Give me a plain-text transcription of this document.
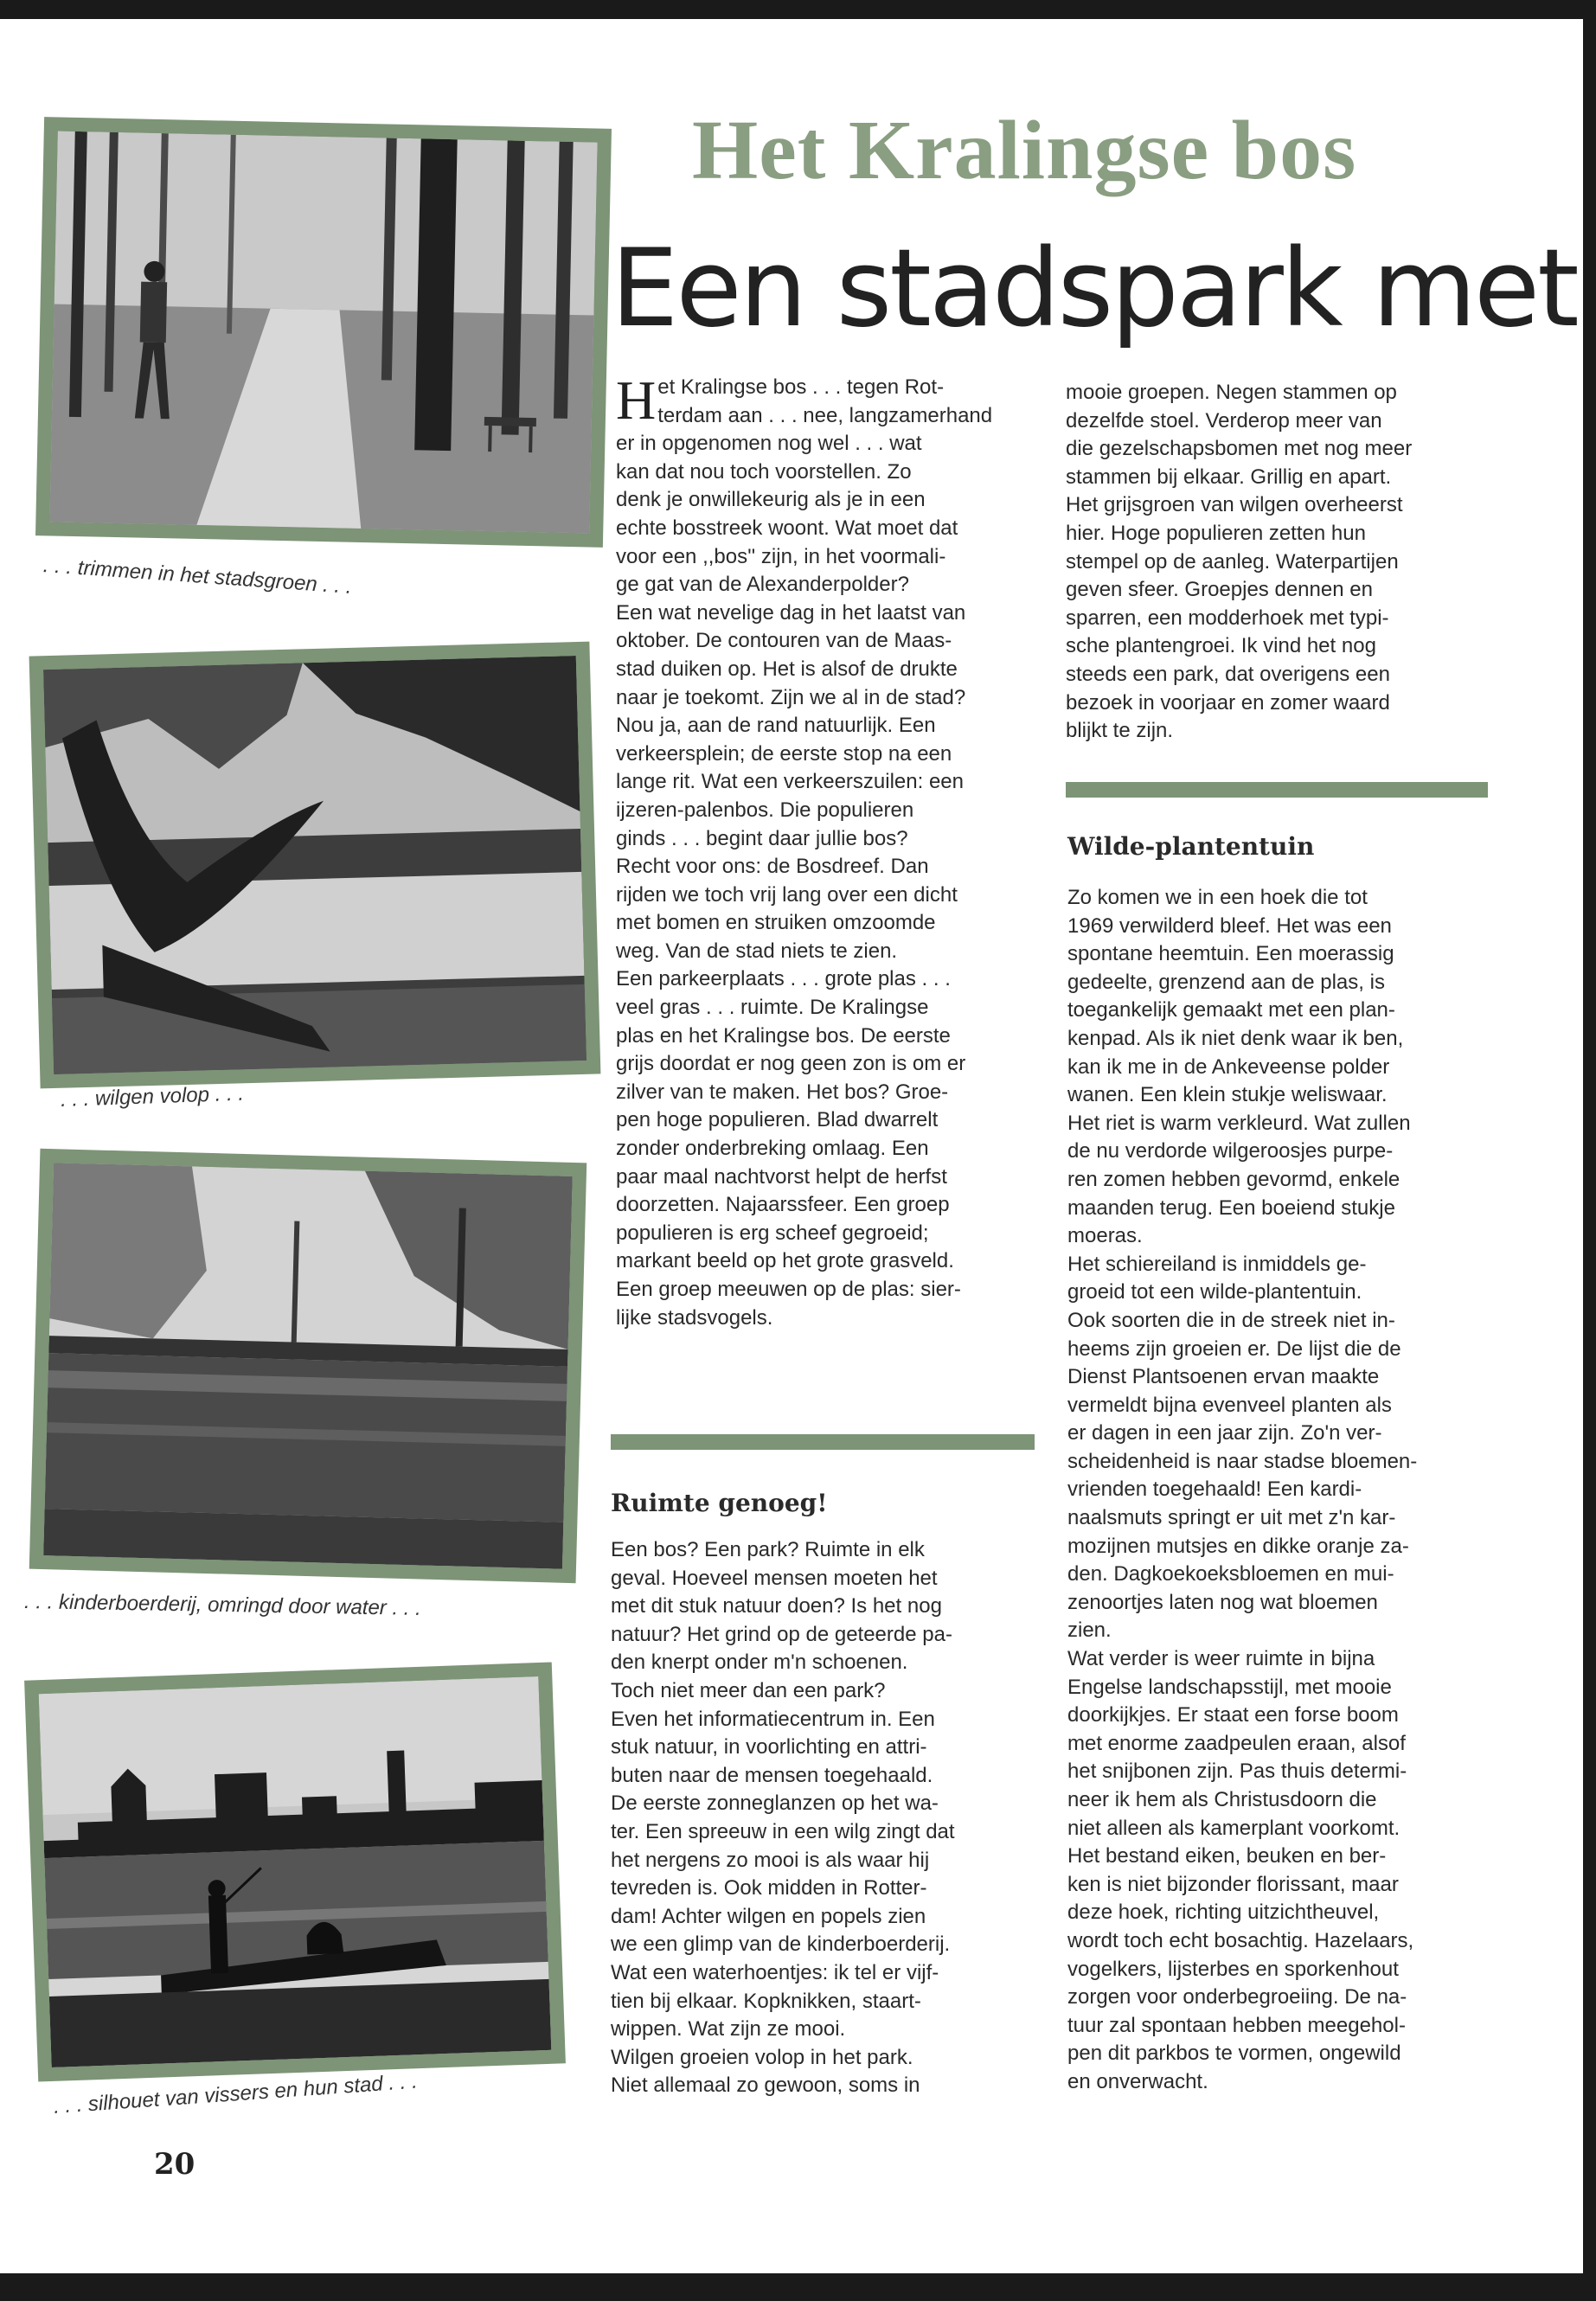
. . . trimmen in het stadsgroen . . .
. . . wilgen volop . . .
. . . kinderboerderij, omringd door water . . .
. . . silhouet van vissers en hun stad . . .
Het Kralingse bos
Een stadspark met
H et Kralingse bos . . . tegen Rot-
terdam aan . . . nee, langzamerhand
er in opgenomen nog wel . . . wat
kan dat nou toch voorstellen. Zo
denk je onwillekeurig als je in een
echte bosstreek woont. Wat moet dat
voor een ,,bos'' zijn, in het voormali-
ge gat van de Alexanderpolder?
Een wat nevelige dag in het laatst van
oktober. De contouren van de Maas-
stad duiken op. Het is alsof de drukte
naar je toekomt. Zijn we al in de stad?
Nou ja, aan de rand natuurlijk. Een
verkeersplein; de eerste stop na een
lange rit. Wat een verkeerszuilen: een
ijzeren-palenbos. Die populieren
ginds . . . begint daar jullie bos?
Recht voor ons: de Bosdreef. Dan
rijden we toch vrij lang over een dicht
met bomen en struiken omzoomde
weg. Van de stad niets te zien.
Een parkeerplaats . . . grote plas . . .
veel gras . . . ruimte. De Kralingse
plas en het Kralingse bos. De eerste
grijs doordat er nog geen zon is om er
zilver van te maken. Het bos? Groe-
pen hoge populieren. Blad dwarrelt
zonder onderbreking omlaag. Een
paar maal nachtvorst helpt de herfst
doorzetten. Najaarssfeer. Een groep
populieren is erg scheef gegroeid;
markant beeld op het grote grasveld.
Een groep meeuwen op de plas: sier-
lijke stadsvogels.

Ruimte genoeg!

Een bos? Een park? Ruimte in elk
geval. Hoeveel mensen moeten het
met dit stuk natuur doen? Is het nog
natuur? Het grind op de geteerde pa-
den knerpt onder m'n schoenen.
Toch niet meer dan een park?
Even het informatiecentrum in. Een
stuk natuur, in voorlichting en attri-
buten naar de mensen toegehaald.
De eerste zonneglanzen op het wa-
ter. Een spreeuw in een wilg zingt dat
het nergens zo mooi is als waar hij
tevreden is. Ook midden in Rotter-
dam! Achter wilgen en popels zien
we een glimp van de kinderboerderij.
Wat een waterhoentjes: ik tel er vijf-
tien bij elkaar. Kopknikken, staart-
wippen. Wat zijn ze mooi.
Wilgen groeien volop in het park.
Niet allemaal zo gewoon, soms in

mooie groepen. Negen stammen op
dezelfde stoel. Verderop meer van
die gezelschapsbomen met nog meer
stammen bij elkaar. Grillig en apart.
Het grijsgroen van wilgen overheerst
hier. Hoge populieren zetten hun
stempel op de aanleg. Waterpartijen
geven sfeer. Groepjes dennen en
sparren, een modderhoek met typi-
sche plantengroei. Ik vind het nog
steeds een park, dat overigens een
bezoek in voorjaar en zomer waard
blijkt te zijn.

Wilde-plantentuin

Zo komen we in een hoek die tot
1969 verwilderd bleef. Het was een
spontane heemtuin. Een moerassig
gedeelte, grenzend aan de plas, is
toegankelijk gemaakt met een plan-
kenpad. Als ik niet denk waar ik ben,
kan ik me in de Ankeveense polder
wanen. Een klein stukje weliswaar.
Het riet is warm verkleurd. Wat zullen
de nu verdorde wilgeroosjes purpe-
ren zomen hebben gevormd, enkele
maanden terug. Een boeiend stukje
moeras.
Het schiereiland is inmiddels ge-
groeid tot een wilde-plantentuin.
Ook soorten die in de streek niet in-
heems zijn groeien er. De lijst die de
Dienst Plantsoenen ervan maakte
vermeldt bijna evenveel planten als
er dagen in een jaar zijn. Zo'n ver-
scheidenheid is naar stadse bloemen-
vrienden toegehaald! Een kardi-
naalsmuts springt er uit met z'n kar-
mozijnen mutsjes en dikke oranje za-
den. Dagkoekoeksbloemen en mui-
zenoortjes laten nog wat bloemen
zien.
Wat verder is weer ruimte in bijna
Engelse landschapsstijl, met mooie
doorkijkjes. Er staat een forse boom
met enorme zaadpeulen eraan, alsof
het snijbonen zijn. Pas thuis determi-
neer ik hem als Christusdoorn die
niet alleen als kamerplant voorkomt.
Het bestand eiken, beuken en ber-
ken is niet bijzonder florissant, maar
deze hoek, richting uitzichtheuvel,
wordt toch echt bosachtig. Hazelaars,
vogelkers, lijsterbes en sporkenhout
zorgen voor onderbegroeiing. De na-
tuur zal spontaan hebben meegehol-
pen dit parkbos te vormen, ongewild
en onverwacht.

20
